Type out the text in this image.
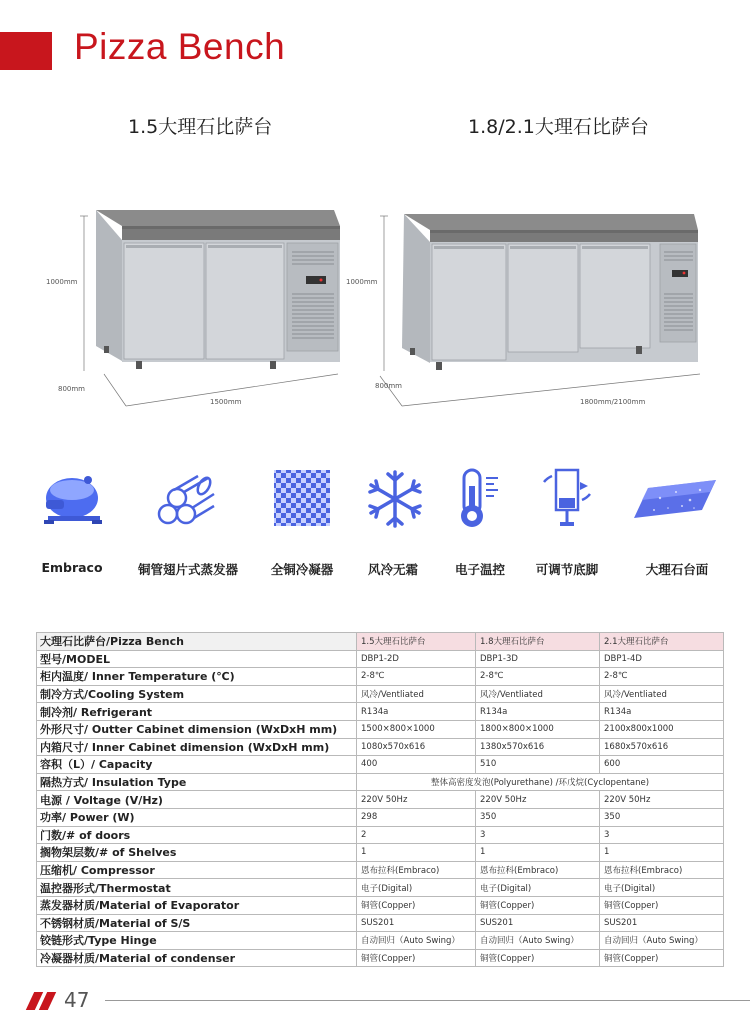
Pizza Bench
1.5大理石比萨台	1.8/2.1大理石比萨台
1000mm
800mm
1500mm
1000mm
800mm
1800mm/2100mm
Embraco	铜管翅片式蒸发器	全铜冷凝器	风冷无霜	电子温控	可调节底脚	大理石台面
大理石比萨台/Pizza Bench	1.5大理石比萨台	1.8大理石比萨台	2.1大理石比萨台
型号/MODEL	DBP1-2D	DBP1-3D	DBP1-4D
柜内温度/ Inner Temperature (℃)	2-8℃	2-8℃	2-8℃
制冷方式/Cooling System	风冷/Ventliated	风冷/Ventliated	风冷/Ventliated
制冷剂/ Refrigerant	R134a	R134a	R134a
外形尺寸/ Outter Cabinet dimension (WxDxH mm)	1500×800×1000	1800×800×1000	2100x800x1000
内箱尺寸/ Inner Cabinet dimension (WxDxH mm)	1080x570x616	1380x570x616	1680x570x616
容积（L）/ Capacity	400	510	600
隔热方式/ Insulation Type	整体高密度发泡(Polyurethane) /环戊烷(Cyclopentane)		
电源 / Voltage (V/Hz)	220V 50Hz	220V 50Hz	220V 50Hz
功率/ Power (W)	298	350	350
门数/# of doors	2	3	3
搁物架层数/# of Shelves	1	1	1
压缩机/ Compressor	恩布拉科(Embraco)	恩布拉科(Embraco)	恩布拉科(Embraco)
温控器形式/Thermostat	电子(Digital)	电子(Digital)	电子(Digital)
蒸发器材质/Material of Evaporator	铜管(Copper)	铜管(Copper)	铜管(Copper)
不锈钢材质/Material of S/S	SUS201	SUS201	SUS201
铰链形式/Type Hinge	自动回归（Auto Swing）	自动回归（Auto Swing）	自动回归（Auto Swing）
冷凝器材质/Material of condenser	铜管(Copper)	铜管(Copper)	铜管(Copper)
47
